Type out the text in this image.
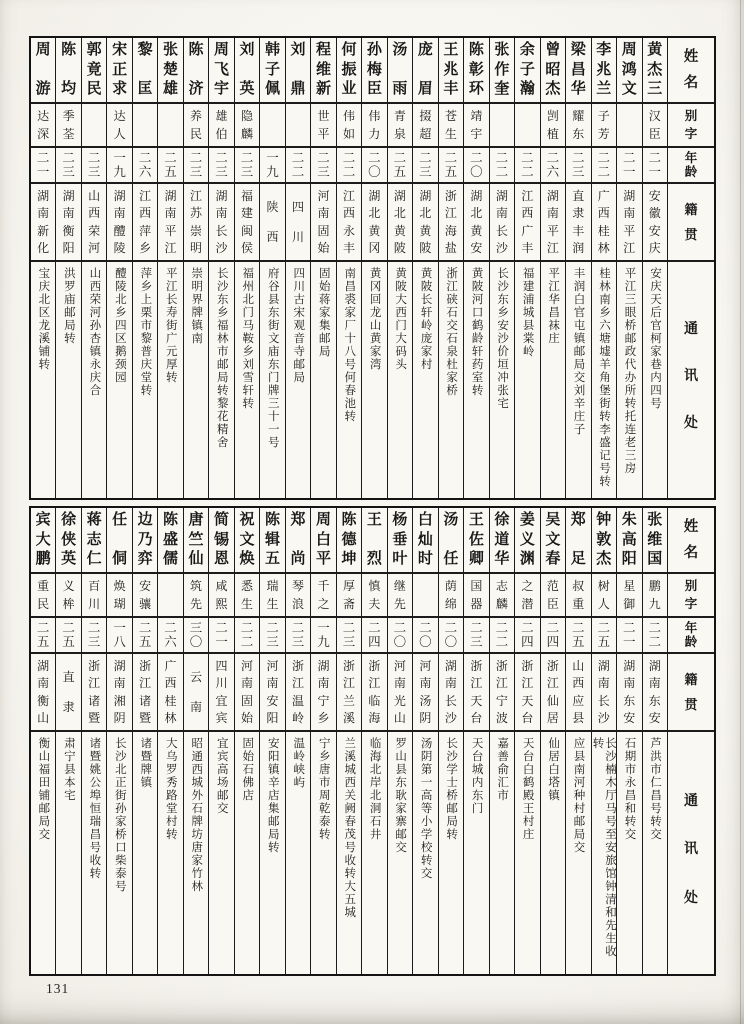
姓
名
别
字
年
龄
籍
贯
通
讯
处
黄
杰
三
汉
臣
二
一
安
徽
安
庆
安庆天后官柯家巷内四号
周
鸿
文
二
一
湖
南
平
江
平江三眼桥邮政代办所转托连老三房
李
兆
兰
子
芳
二
二
广
西
桂
林
桂林南乡六塘墟羊角堡街转李盛记号转
梁
昌
华
耀
东
二
三
直
隶
丰
润
丰润白官屯镇邮局交刘辛庄子
曾
昭
杰
剀
植
二
六
湖
南
平
江
平江华昌袜庄
余
子
瀚
二
二
江
西
广
丰
福建浦城县棠岭
张
作
奎
二
二
湖
南
长
沙
长沙东乡安沙价垣冲张宅
陈
彰
环
靖
宇
二
〇
湖
北
黄
安
黄陂河口鹤龄轩药室转
王
兆
丰
苍
生
二
五
浙
江
海
盐
浙江硖石交石泉杜家桥
庞
眉
掇
超
二
三
湖
北
黄
陂
黄陂长轩岭庞家村
汤
雨
青
泉
二
五
湖
北
黄
陂
黄陂大西门大码头
孙
梅
臣
伟
力
二
〇
湖
北
黄
冈
黄冈回龙山黄家湾
何
振
业
伟
如
二
二
江
西
永
丰
南昌裘家厂十八号何春池转
程
维
新
世
平
二
三
河
南
固
始
固始蒋家集邮局
刘
鼎
二
二
四
川
四川古宋观音寺邮局
韩
子
佩
一
九
陕
西
府谷县东街文庙东门牌三十一号
刘
英
隐
麟
二
三
福
建
闽
侯
福州北门马鞍乡刘雪轩转
周
飞
宇
雄
伯
二
三
湖
南
长
沙
长沙东乡福林市邮局转黎花精舍
陈
济
养
民
二
三
江
苏
崇
明
崇明界牌镇南
张
楚
雄
二
五
湖
南
平
江
平江长寿街广元厚转
黎
匡
二
六
江
西
萍
乡
萍乡上栗市黎普庆堂转
宋
正
求
达
人
一
九
湖
南
醴
陵
醴陵北乡四区鹅颈园
郭
竟
民
二
三
山
西
荣
河
山西荣河孙杏镇永庆合
陈
均
季
荃
二
三
湖
南
衡
阳
洪罗庙邮局转
周
游
达
深
二
一
湖
南
新
化
宝庆北区龙溪铺转
姓
名
别
字
年
龄
籍
贯
通
讯
处
张
维
国
鹏
九
二
二
湖
南
东
安
芦洪市仁昌号转交
朱
高
阳
星
御
二
一
湖
南
东
安
石期市永昌和转交
钟
敦
杰
树
人
二
五
湖
南
长
沙
长沙楠木厅马号至安旅馆钟清和先生收转
郑
足
叔
重
二
五
山
西
应
县
应县南河种村邮局交
吴
文
春
范
臣
二
四
浙
江
仙
居
仙居白塔镇
姜
义
渊
之
潜
二
四
浙
江
天
台
天台白鹤殿王村庄
徐
道
华
志
麟
二
二
浙
江
宁
波
嘉善俞汇市
王
佐
卿
国
器
二
三
浙
江
天
台
天台城内东门
汤
任
荫
绵
二
〇
湖
南
长
沙
长沙学士桥邮局转
白
灿
时
二
〇
河
南
汤
阴
汤阴第一高等小学校转交
杨
垂
叶
继
先
二
〇
河
南
光
山
罗山县东耿家寨邮交
王
烈
慎
夫
二
四
浙
江
临
海
临海北岸北洞石井
陈
德
坤
厚
斋
二
三
浙
江
兰
溪
兰溪城西关阙春茂号收转大五城
周
白
平
千
之
一
九
湖
南
宁
乡
宁乡唐市周乾泰转
郑
尚
琴
浪
二
三
浙
江
温
岭
温岭峡屿
陈
辑
五
瑞
生
二
三
河
南
安
阳
安阳镇辛店集邮局转
祝
文
焕
悉
生
二
二
河
南
固
始
固始石佛店
简
锡
恩
咸
熙
二
一
四
川
宜
宾
宜宾高场邮交
唐
竺
仙
筑
先
三
〇
云
南
昭通西城外石牌坊唐家竹林
陈
盛
儒
二
六
广
西
桂
林
大乌罗秀路堂村转
边
乃
弈
安
骧
二
五
浙
江
诸
暨
诸暨牌镇
任
侗
焕
瑚
一
八
湖
南
湘
阴
长沙北正街孙家桥口柴泰号
蒋
志
仁
百
川
二
三
浙
江
诸
暨
诸暨姚公埠恒瑞昌号收转
徐
侠
英
义
桙
二
五
直
隶
肃宁县本宅
宾
大
鹏
重
民
二
五
湖
南
衡
山
衡山福田铺邮局交
131
